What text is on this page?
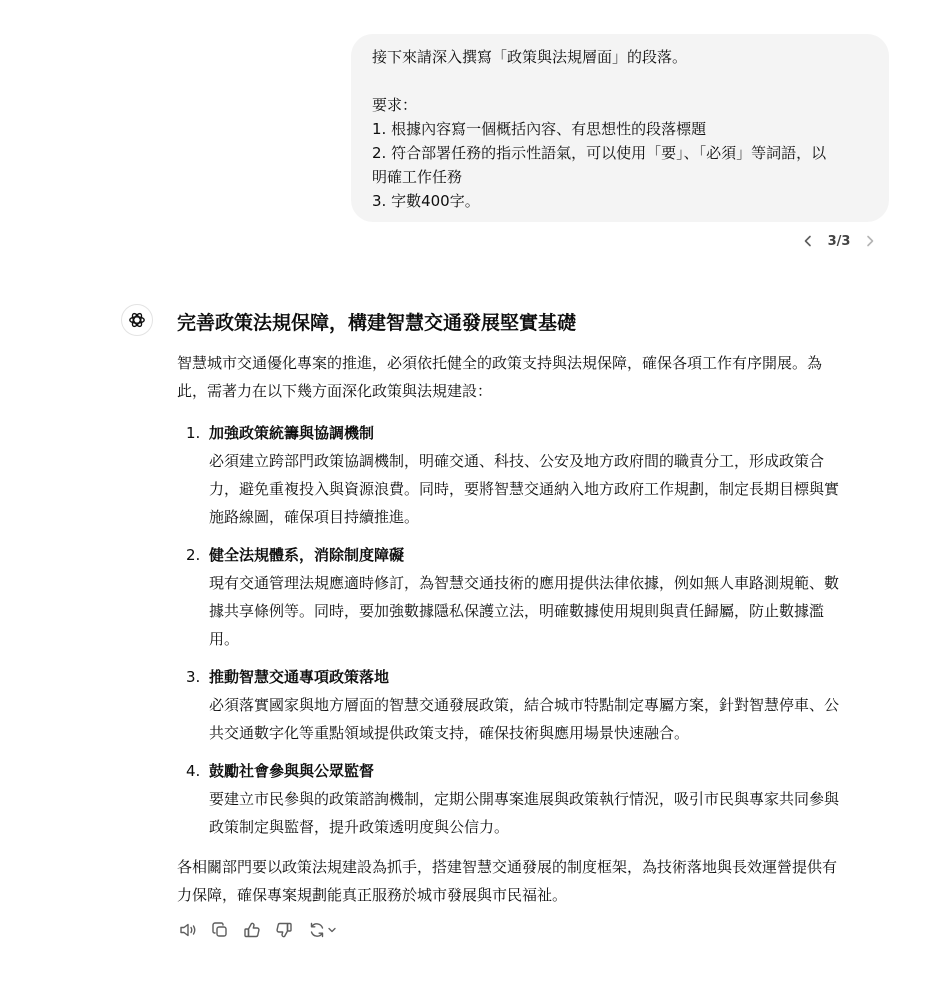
接下來請深入撰寫「政策與法規層面」的段落。
要求：
1. 根據內容寫一個概括內容、有思想性的段落標題
2. 符合部署任務的指示性語氣，可以使用「要」、「必須」等詞語，以
明確工作任務
3. 字數400字。
3/3
完善政策法規保障，構建智慧交通發展堅實基礎

智慧城市交通優化專案的推進，必須依托健全的政策支持與法規保障，確保各項工作有序開展。為
此，需著力在以下幾方面深化政策與法規建設：

1. 加強政策統籌與協調機制
必須建立跨部門政策協調機制，明確交通、科技、公安及地方政府間的職責分工，形成政策合
力，避免重複投入與資源浪費。同時，要將智慧交通納入地方政府工作規劃，制定長期目標與實
施路線圖，確保項目持續推進。
2. 健全法規體系，消除制度障礙
現有交通管理法規應適時修訂，為智慧交通技術的應用提供法律依據，例如無人車路測規範、數
據共享條例等。同時，要加強數據隱私保護立法，明確數據使用規則與責任歸屬，防止數據濫
用。
3. 推動智慧交通專項政策落地
必須落實國家與地方層面的智慧交通發展政策，結合城市特點制定專屬方案，針對智慧停車、公
共交通數字化等重點領域提供政策支持，確保技術與應用場景快速融合。
4. 鼓勵社會參與與公眾監督
要建立市民參與的政策諮詢機制，定期公開專案進展與政策執行情況，吸引市民與專家共同參與
政策制定與監督，提升政策透明度與公信力。

各相關部門要以政策法規建設為抓手，搭建智慧交通發展的制度框架，為技術落地與長效運營提供有
力保障，確保專案規劃能真正服務於城市發展與市民福祉。
